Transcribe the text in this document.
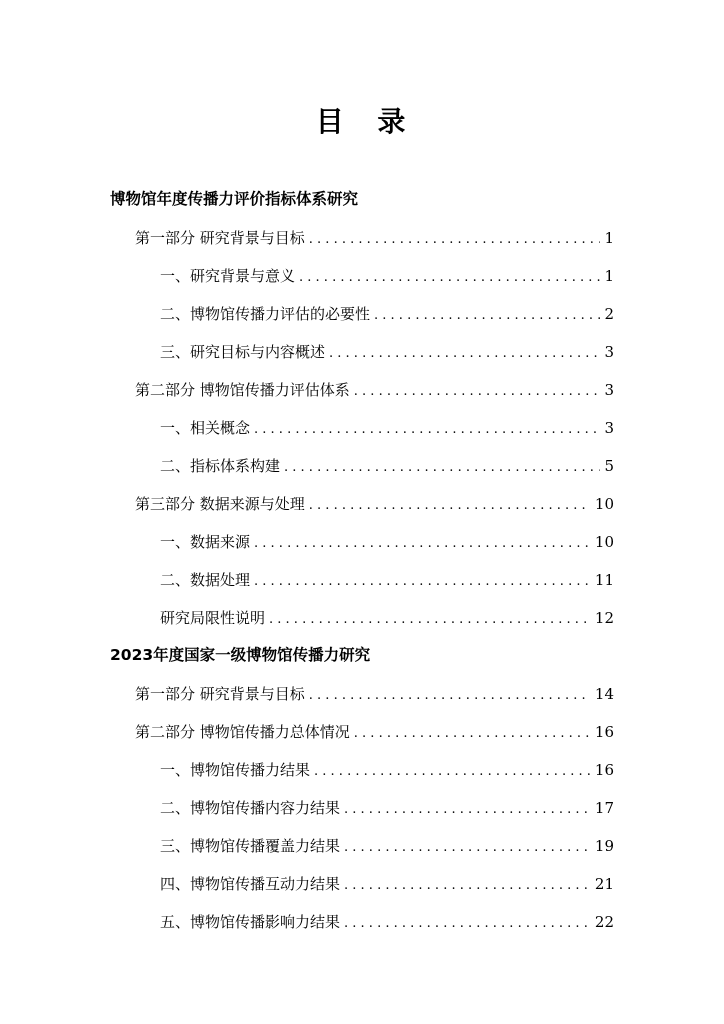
目　录
博物馆年度传播力评价指标体系研究
第一部分 研究背景与目标 . . .	1
一、研究背景与意义 . . .	1
二、博物馆传播力评估的必要性 . . .	2
三、研究目标与内容概述 . . .	3
第二部分 博物馆传播力评估体系 . . .	3
一、相关概念 . . .	3
二、指标体系构建 . . .	5
第三部分 数据来源与处理 . . .	10
一、数据来源 . . .	10
二、数据处理 . . .	11
研究局限性说明 . . .	12
2023年度国家一级博物馆传播力研究
第一部分 研究背景与目标 . . .	14
第二部分 博物馆传播力总体情况 . . .	16
一、博物馆传播力结果 . . .	16
二、博物馆传播内容力结果 . . .	17
三、博物馆传播覆盖力结果 . . .	19
四、博物馆传播互动力结果 . . .	21
五、博物馆传播影响力结果 . . .	22
